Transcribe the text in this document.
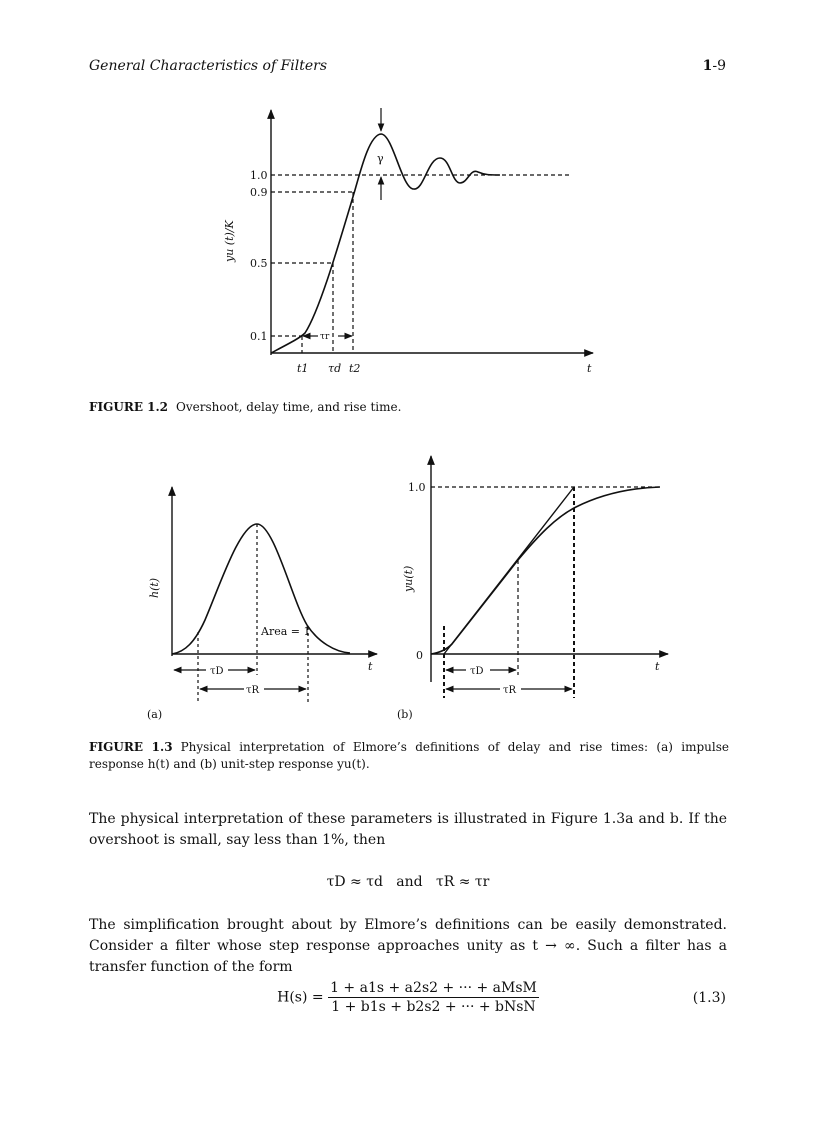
General Characteristics of Filters	1-9
γ
τr
1.0
0.9
0.5
0.1
t1 τd t2	t
yu (t)/K
FIGURE 1.2 Overshoot, delay time, and rise time.
τD
τR
Area = 1
t
h(t)
(a)
τD
τR
1.0
0
t
yu(t)
(b)
FIGURE 1.3 Physical interpretation of Elmore’s definitions of delay and rise times: (a) impulse response h(t) and (b) unit-step response yu(t).
The physical interpretation of these parameters is illustrated in Figure 1.3a and b. If the overshoot is small, say less than 1%, then
τD ≈ τd   and   τR ≈ τr
The simplification brought about by Elmore’s definitions can be easily demonstrated. Consider a filter whose step response approaches unity as t → ∞. Such a filter has a transfer function of the form
$H(s) = \frac{\text{1 + a1s + a2s2 + ··· + aMsM}}{\text{1 + b1s + b2s2 + ··· + bNsN}}$	(1.3)
